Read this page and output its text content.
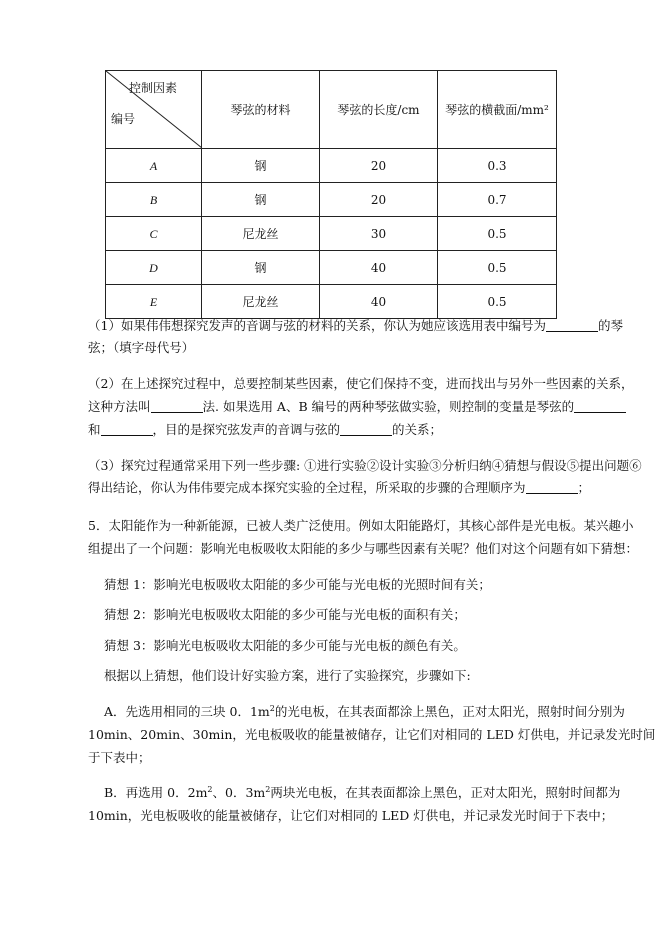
控制因素
编号	琴弦的材料	琴弦的长度/cm	琴弦的横截面/mm²
A	钢	20	0.3
B	钢	20	0.7
C	尼龙丝	30	0.5
D	钢	40	0.5
E	尼龙丝	40	0.5
（1）如果伟伟想探究发声的音调与弦的材料的关系，你认为她应该选用表中编号为	的琴
弦；（填字母代号）
（2）在上述探究过程中，总要控制某些因素，使它们保持不变，进而找出与另外一些因素的关系，
这种方法叫	法. 如果选用 A、B 编号的两种琴弦做实验，则控制的变量是琴弦的
和	，目的是探究弦发声的音调与弦的	的关系；
（3）探究过程通常采用下列一些步骤: ①进行实验②设计实验③分析归纳④猜想与假设⑤提出问题⑥
得出结论，你认为伟伟要完成本探究实验的全过程，所采取的步骤的合理顺序为	；
5．太阳能作为一种新能源，已被人类广泛使用。例如太阳能路灯，其核心部件是光电板。某兴趣小
组提出了一个问题：影响光电板吸收太阳能的多少与哪些因素有关呢？他们对这个问题有如下猜想：
猜想 1：影响光电板吸收太阳能的多少可能与光电板的光照时间有关；
猜想 2：影响光电板吸收太阳能的多少可能与光电板的面积有关；
猜想 3：影响光电板吸收太阳能的多少可能与光电板的颜色有关。
根据以上猜想，他们设计好实验方案，进行了实验探究，步骤如下:
A．先选用相同的三块 0．$1m^2$的光电板，在其表面都涂上黑色，正对太阳光，照射时间分别为
10min、20min、30min，光电板吸收的能量被储存，让它们对相同的 LED 灯供电，并记录发光时间
于下表中；
B．再选用 0．$2m^2$、0．$3m^2$两块光电板，在其表面都涂上黑色，正对太阳光，照射时间都为
10min，光电板吸收的能量被储存，让它们对相同的 LED 灯供电，并记录发光时间于下表中；
